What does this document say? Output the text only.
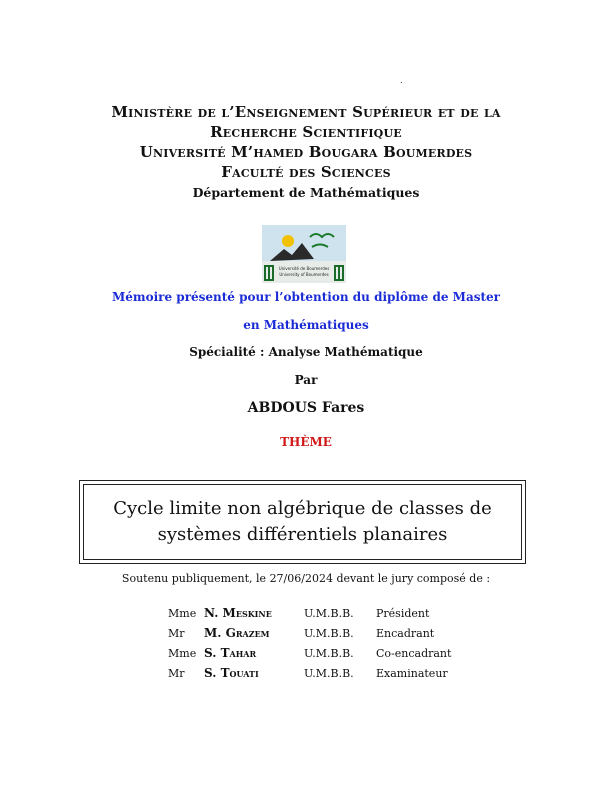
.
Ministère de l’Enseignement Supérieur et de la
Recherche Scientifique
Université M’hamed Bougara Boumerdes
Faculté des Sciences
Département de Mathématiques
Université de Boumerdes
University of Boumerdes
Mémoire présenté pour l’obtention du diplôme de Master
en Mathématiques
Spécialité : Analyse Mathématique
Par
ABDOUS Fares
THÈME
Cycle limite non algébrique de classes de systèmes différentiels planaires
Soutenu publiquement, le 27/06/2024 devant le jury composé de :
Mme N. Meskine	U.M.B.B.	Président
Mr	M. Grazem	U.M.B.B.	Encadrant
Mme S. Tahar	U.M.B.B.	Co-encadrant
Mr	S. Touati	U.M.B.B.	Examinateur
